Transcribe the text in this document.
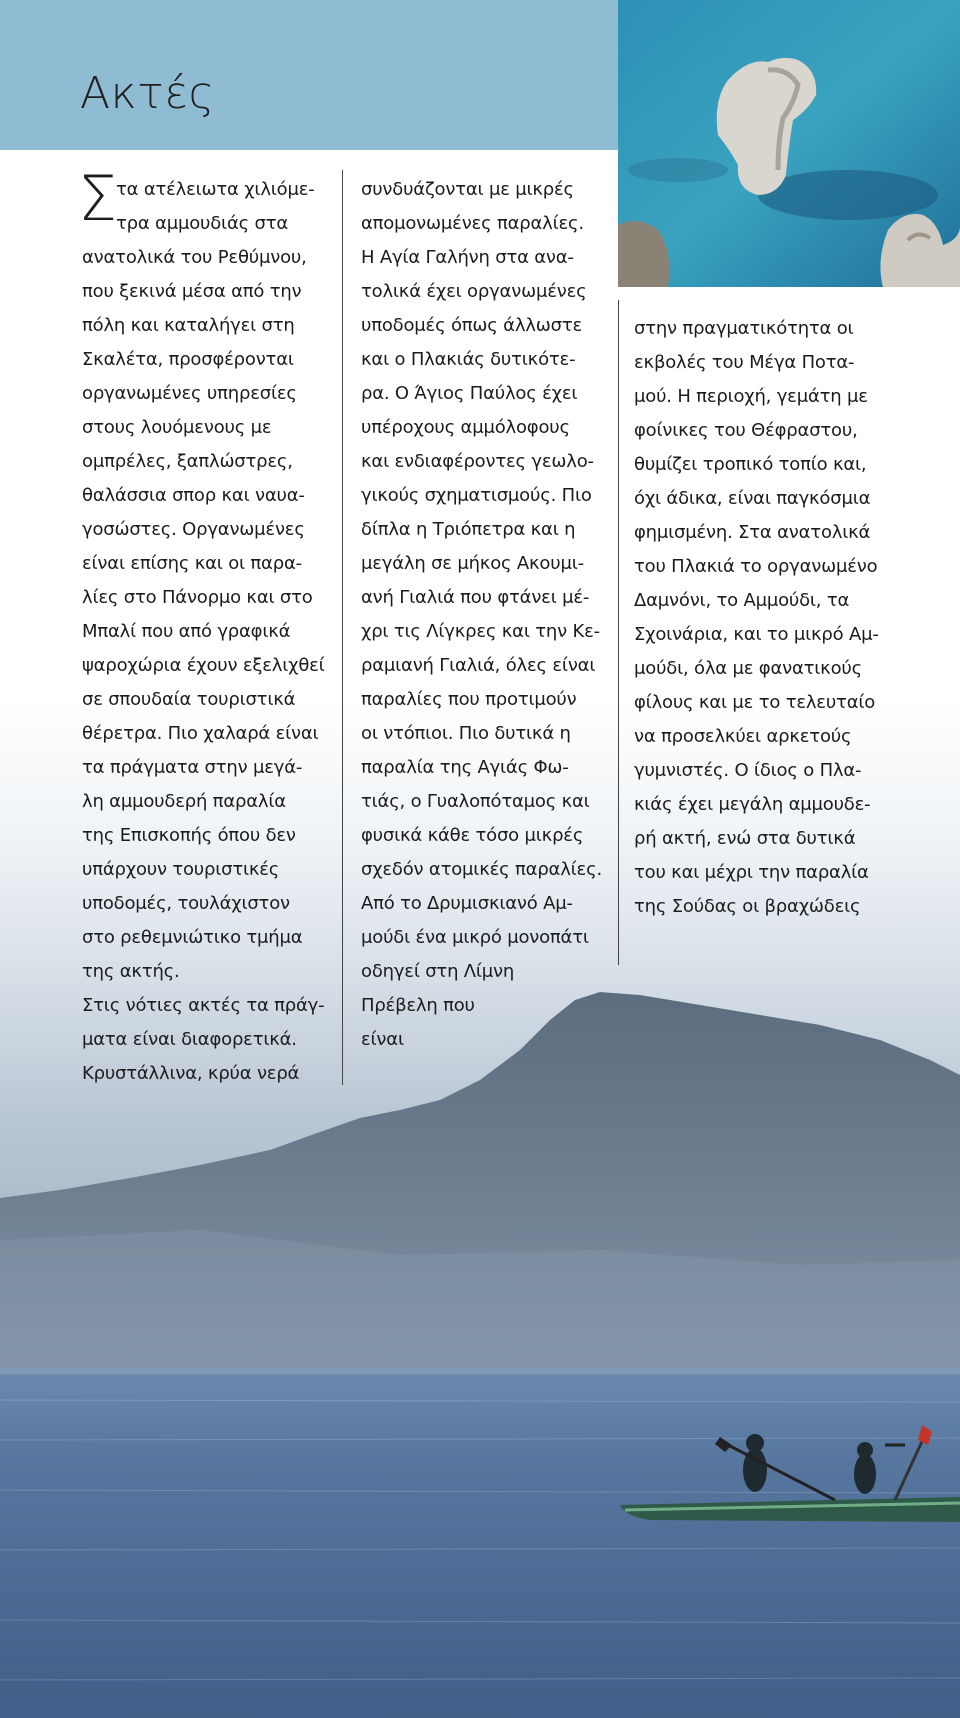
Ακτές
Σ
τα ατέλειωτα χιλιόμε-
τρα αμμουδιάς στα
ανατολικά του Ρεθύμνου,
που ξεκινά μέσα από την
πόλη και καταλήγει στη
Σκαλέτα, προσφέρονται
οργανωμένες υπηρεσίες
στους λουόμενους με
ομπρέλες, ξαπλώστρες,
θαλάσσια σπορ και ναυα-
γοσώστες. Οργανωμένες
είναι επίσης και οι παρα-
λίες στο Πάνορμο και στο
Μπαλί που από γραφικά
ψαροχώρια έχουν εξελιχθεί
σε σπουδαία τουριστικά
θέρετρα. Πιο χαλαρά είναι
τα πράγματα στην μεγά-
λη αμμουδερή παραλία
της Επισκοπής όπου δεν
υπάρχουν τουριστικές
υποδομές, τουλάχιστον
στο ρεθεμνιώτικο τμήμα
της ακτής.
Στις νότιες ακτές τα πράγ-
ματα είναι διαφορετικά.
Κρυστάλλινα, κρύα νερά
συνδυάζονται με μικρές
απομονωμένες παραλίες.
Η Αγία Γαλήνη στα ανα-
τολικά έχει οργανωμένες
υποδομές όπως άλλωστε
και ο Πλακιάς δυτικότε-
ρα. Ο Άγιος Παύλος έχει
υπέροχους αμμόλοφους
και ενδιαφέροντες γεωλο-
γικούς σχηματισμούς. Πιο
δίπλα η Τριόπετρα και η
μεγάλη σε μήκος Ακουμι-
ανή Γιαλιά που φτάνει μέ-
χρι τις Λίγκρες και την Κε-
ραμιανή Γιαλιά, όλες είναι
παραλίες που προτιμούν
οι ντόπιοι. Πιο δυτικά η
παραλία της Αγιάς Φω-
τιάς, ο Γυαλοπόταμος και
φυσικά κάθε τόσο μικρές
σχεδόν ατομικές παραλίες.
Από το Δρυμισκιανό Αμ-
μούδι ένα μικρό μονοπάτι
οδηγεί στη Λίμνη
Πρέβελη που
είναι
στην πραγματικότητα οι
εκβολές του Μέγα Ποτα-
μού. Η περιοχή, γεμάτη με
φοίνικες του Θέφραστου,
θυμίζει τροπικό τοπίο και,
όχι άδικα, είναι παγκόσμια
φημισμένη. Στα ανατολικά
του Πλακιά το οργανωμένο
Δαμνόνι, το Αμμούδι, τα
Σχοινάρια, και το μικρό Αμ-
μούδι, όλα με φανατικούς
φίλους και με το τελευταίο
να προσελκύει αρκετούς
γυμνιστές. Ο ίδιος ο Πλα-
κιάς έχει μεγάλη αμμουδε-
ρή ακτή, ενώ στα δυτικά
του και μέχρι την παραλία
της Σούδας οι βραχώδεις
